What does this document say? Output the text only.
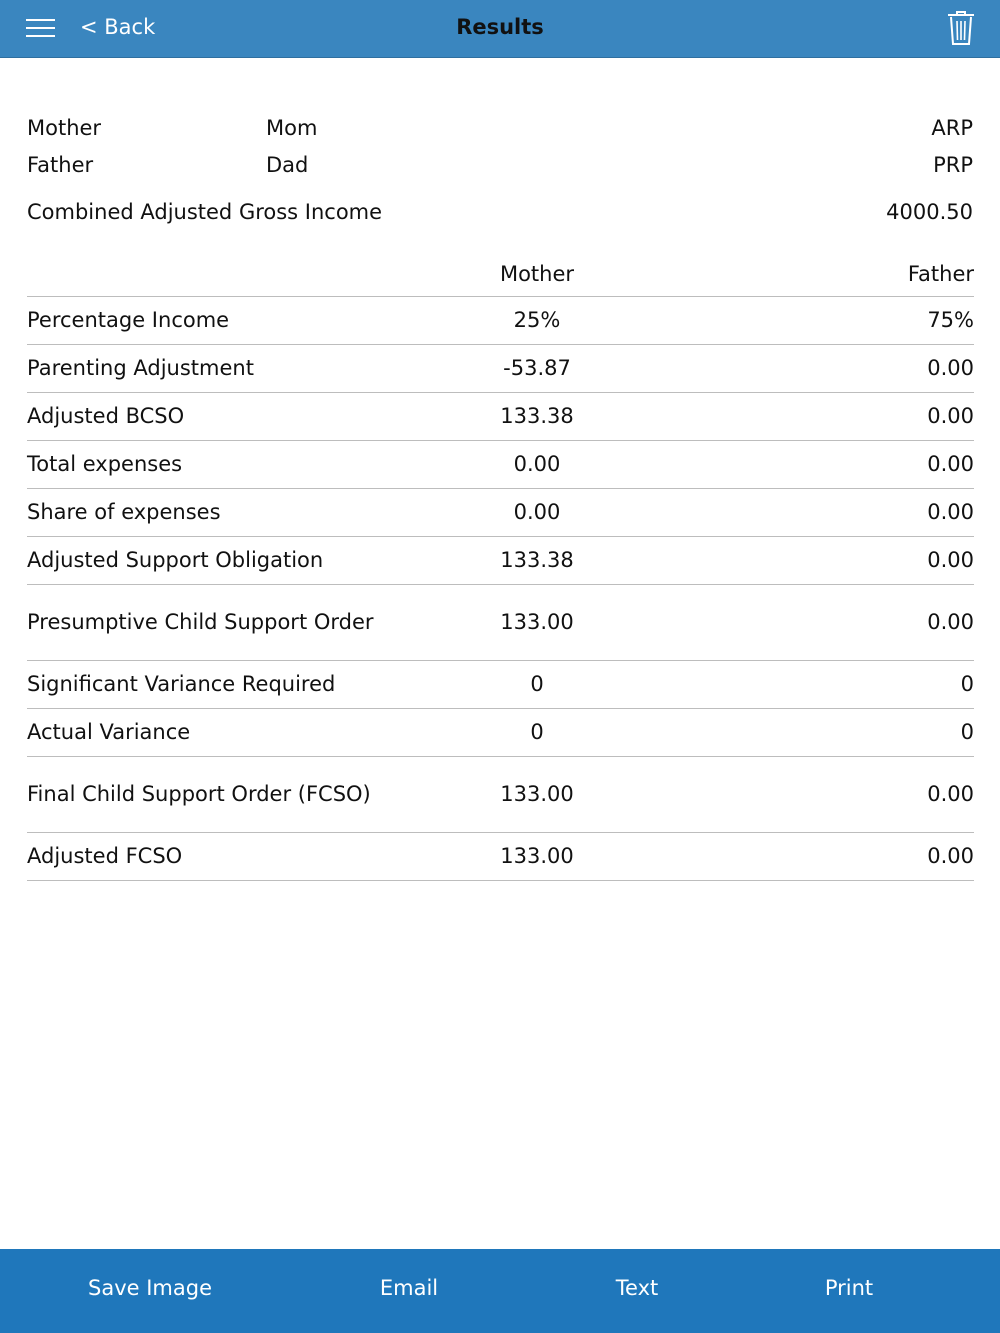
< Back	Results
Mother	Mom	ARP
Father	Dad	PRP
Combined Adjusted Gross Income	4000.50
	Mother	Father
Percentage Income	25%	75%
Parenting Adjustment	-53.87	0.00
Adjusted BCSO	133.38	0.00
Total expenses	0.00	0.00
Share of expenses	0.00	0.00
Adjusted Support Obligation	133.38	0.00
Presumptive Child Support Order	133.00	0.00
Significant Variance Required	0	0
Actual Variance	0	0
Final Child Support Order (FCSO)	133.00	0.00
Adjusted FCSO	133.00	0.00
Save Image	Email	Text	Print
